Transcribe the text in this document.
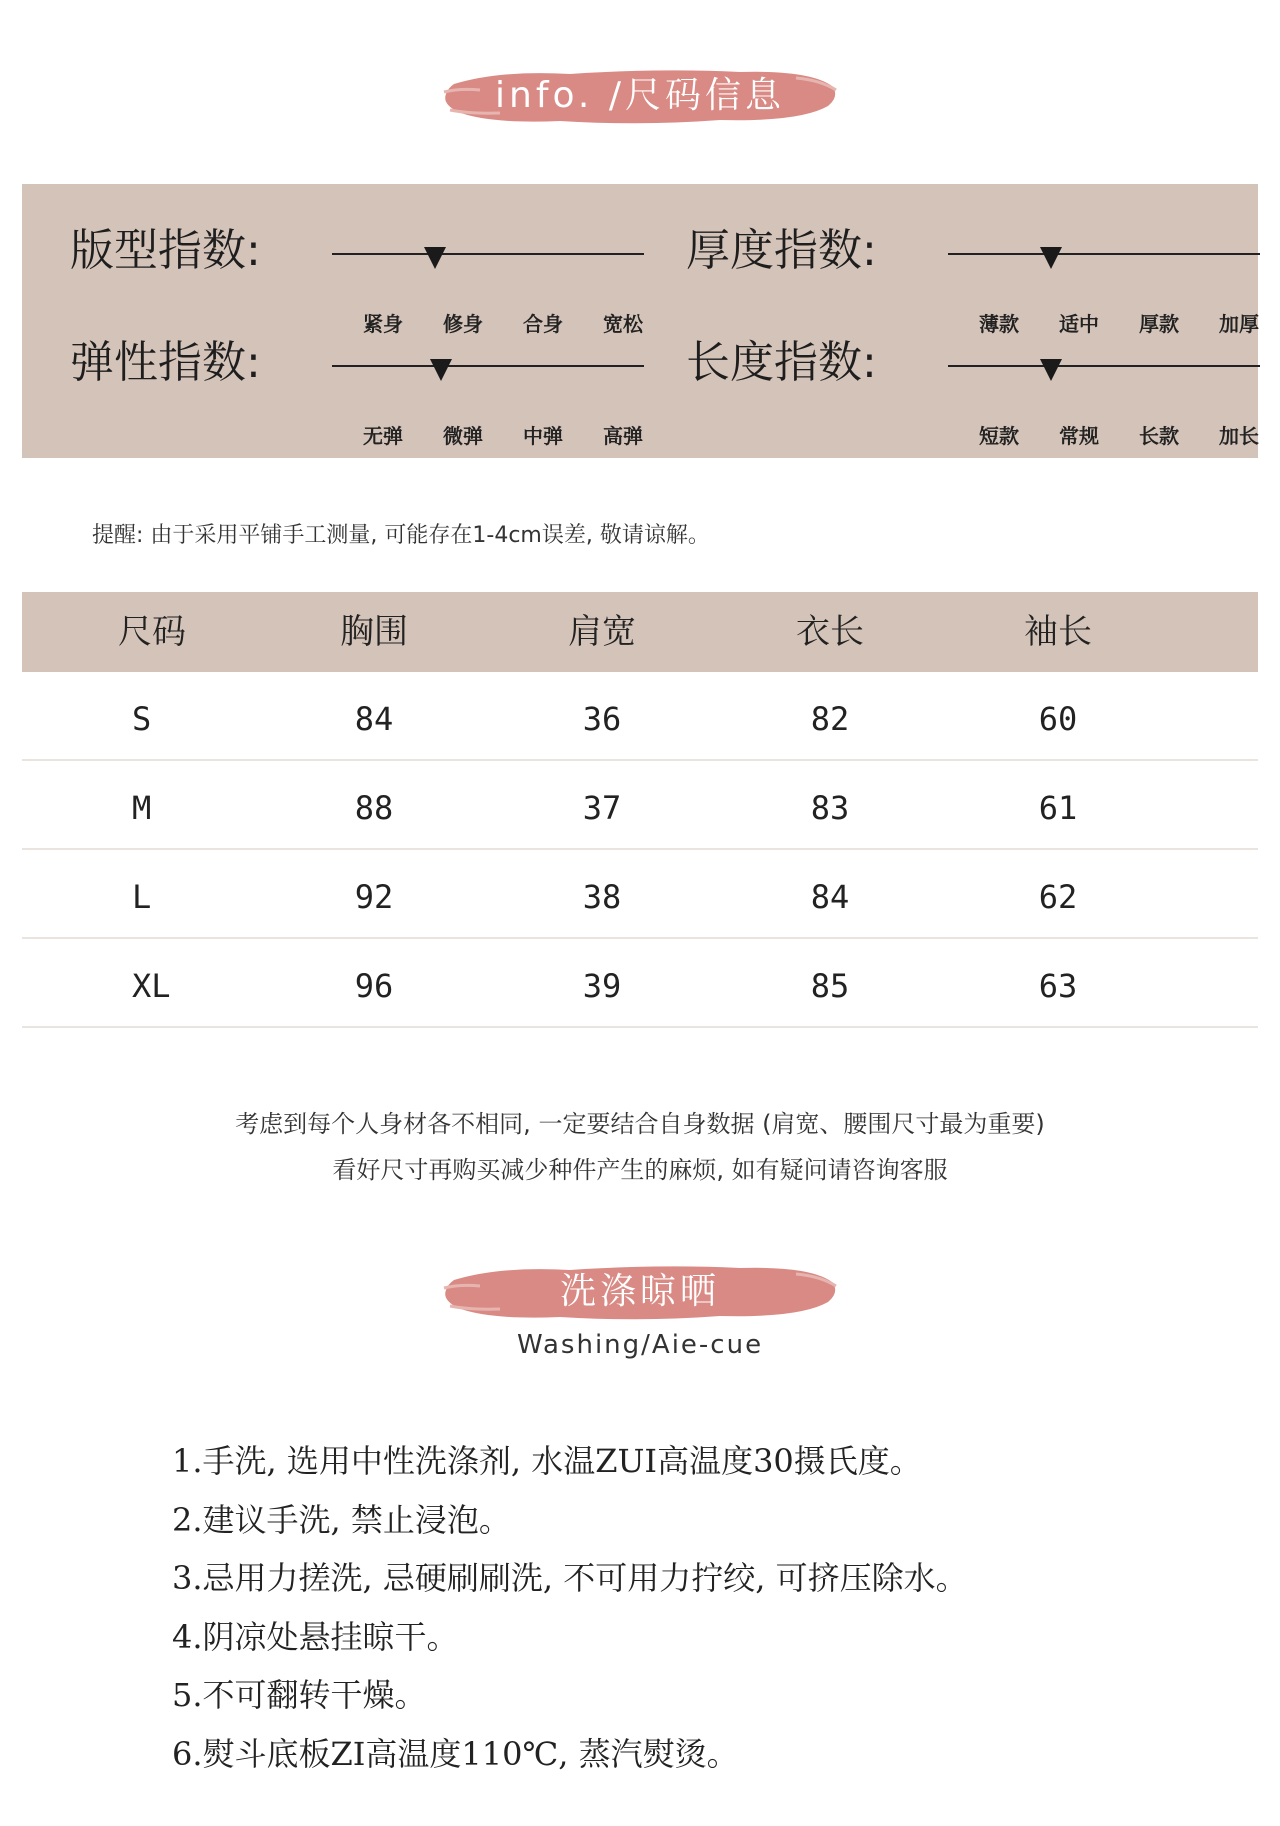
info. /尺码信息
版型指数:
紧身	修身	合身	宽松
厚度指数:
薄款	适中	厚款	加厚
弹性指数:
无弹	微弹	中弹	高弹
长度指数:
短款	常规	长款	加长
提醒: 由于采用平铺手工测量, 可能存在1-4cm误差, 敬请谅解。
尺码	胸围	肩宽	衣长	袖长
S	84	36	82	60
M	88	37	83	61
L	92	38	84	62
XL	96	39	85	63
考虑到每个人身材各不相同, 一定要结合自身数据 (肩宽、腰围尺寸最为重要)
看好尺寸再购买减少种件产生的麻烦, 如有疑问请咨询客服
洗涤晾晒
Washing/Aie-cue
1.手洗, 选用中性洗涤剂, 水温ZUI高温度30摄氏度。
2.建议手洗, 禁止浸泡。
3.忌用力搓洗, 忌硬刷刷洗, 不可用力拧绞, 可挤压除水。
4.阴凉处悬挂晾干。
5.不可翻转干燥。
6.熨斗底板ZI高温度110℃, 蒸汽熨烫。
